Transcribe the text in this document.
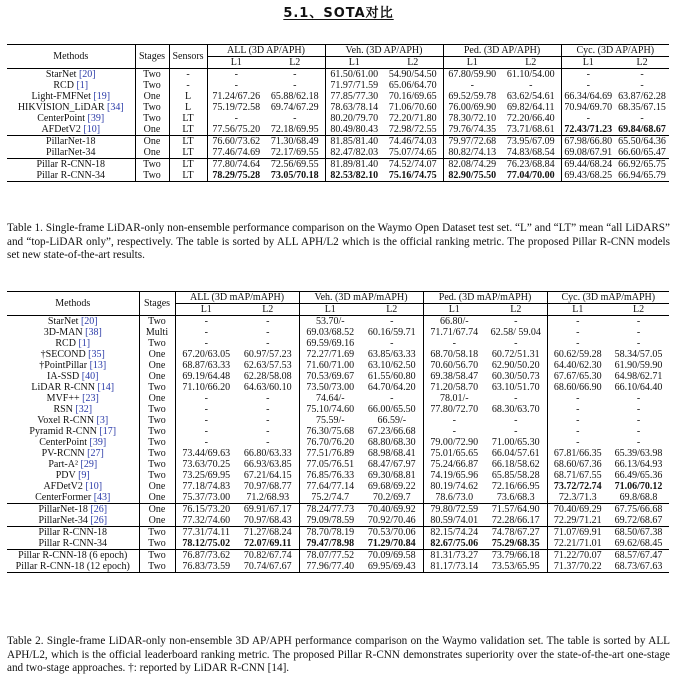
5.1、SOTA对比
Methods	Stages	Sensors	ALL (3D AP/APH)		Veh. (3D AP/APH)		Ped. (3D AP/APH)		Cyc. (3D AP/APH)	
			L1	L2	L1	L2	L1	L2	L1	L2
StarNet [20]	Two	-	-	-	61.50/61.00	54.90/54.50	67.80/59.90	61.10/54.00	-	-
RCD [1]	Two	-	-	-	71.97/71.59	65.06/64.70	-	-	-	-
Light-FMFNet [19]	One	L	71.24/67.26	65.88/62.18	77.85/77.30	70.16/69.65	69.52/59.78	63.62/54.61	66.34/64.69	63.87/62.28
HIKVISION_LiDAR [34]	Two	L	75.19/72.58	69.74/67.29	78.63/78.14	71.06/70.60	76.00/69.90	69.82/64.11	70.94/69.70	68.35/67.15
CenterPoint [39]	Two	LT	-	-	80.20/79.70	72.20/71.80	78.30/72.10	72.20/66.40	-	-
AFDetV2 [10]	One	LT	77.56/75.20	72.18/69.95	80.49/80.43	72.98/72.55	79.76/74.35	73.71/68.61	72.43/71.23	69.84/68.67
PillarNet-18	One	LT	76.60/73.62	71.30/68.49	81.85/81.40	74.46/74.03	79.97/72.68	73.95/67.09	67.98/66.80	65.50/64.36
PillarNet-34	One	LT	77.46/74.69	72.17/69.55	82.47/82.03	75.07/74.65	80.82/74.13	74.83/68.54	69.08/67.91	66.60/65.47
Pillar R-CNN-18	Two	LT	77.80/74.64	72.56/69.55	81.89/81.40	74.52/74.07	82.08/74.29	76.23/68.84	69.44/68.24	66.92/65.75
Pillar R-CNN-34	Two	LT	78.29/75.28	73.05/70.18	82.53/82.10	75.16/74.75	82.90/75.50	77.04/70.00	69.43/68.25	66.94/65.79
Table 1. Single-frame LiDAR-only non-ensemble performance comparison on the Waymo Open Dataset test set. “L” and “LT” mean “all LiDARS” and “top-LiDAR only”, respectively. The table is sorted by ALL APH/L2 which is the official ranking metric. The proposed Pillar R-CNN models set new state-of-the-art results.
Methods	Stages	ALL (3D mAP/mAPH)		Veh. (3D mAP/mAPH)		Ped. (3D mAP/mAPH)		Cyc. (3D mAP/mAPH)	
		L1	L2	L1	L2	L1	L2	L1	L2
StarNet [20]	Two	-	-	53.70/-	-	66.80/-	-	-	-
3D-MAN [38]	Multi	-	-	69.03/68.52	60.16/59.71	71.71/67.74	62.58/ 59.04	-	-
RCD [1]	Two	-	-	69.59/69.16	-	-	-	-	-
†SECOND [35]	One	67.20/63.05	60.97/57.23	72.27/71.69	63.85/63.33	68.70/58.18	60.72/51.31	60.62/59.28	58.34/57.05
†PointPillar [13]	One	68.87/63.33	62.63/57.53	71.60/71.00	63.10/62.50	70.60/56.70	62.90/50.20	64.40/62.30	61.90/59.90
IA-SSD [40]	One	69.19/64.48	62.28/58.08	70.53/69.67	61.55/60.80	69.38/58.47	60.30/50.73	67.67/65.30	64.98/62.71
LiDAR R-CNN [14]	Two	71.10/66.20	64.63/60.10	73.50/73.00	64.70/64.20	71.20/58.70	63.10/51.70	68.60/66.90	66.10/64.40
MVF++ [23]	One	-	-	74.64/-	-	78.01/-	-	-	-
RSN [32]	Two	-	-	75.10/74.60	66.00/65.50	77.80/72.70	68.30/63.70	-	-
Voxel R-CNN [3]	Two	-	-	75.59/-	66.59/-	-	-	-	-
Pyramid R-CNN [17]	Two	-	-	76.30/75.68	67.23/66.68	-	-	-	-
CenterPoint [39]	Two	-	-	76.70/76.20	68.80/68.30	79.00/72.90	71.00/65.30	-	-
PV-RCNN [27]	Two	73.44/69.63	66.80/63.33	77.51/76.89	68.98/68.41	75.01/65.65	66.04/57.61	67.81/66.35	65.39/63.98
Part-A² [29]	Two	73.63/70.25	66.93/63.85	77.05/76.51	68.47/67.97	75.24/66.87	66.18/58.62	68.60/67.36	66.13/64.93
PDV [9]	Two	73.25/69.95	67.21/64.15	76.85/76.33	69.30/68.81	74.19/65.96	65.85/58.28	68.71/67.55	66.49/65.36
AFDetV2 [10]	One	77.18/74.83	70.97/68.77	77.64/77.14	69.68/69.22	80.19/74.62	72.16/66.95	73.72/72.74	71.06/70.12
CenterFormer [43]	One	75.37/73.00	71.2/68.93	75.2/74.7	70.2/69.7	78.6/73.0	73.6/68.3	72.3/71.3	69.8/68.8
PillarNet-18 [26]	One	76.15/73.20	69.91/67.17	78.24/77.73	70.40/69.92	79.80/72.59	71.57/64.90	70.40/69.29	67.75/66.68
PillarNet-34 [26]	One	77.32/74.60	70.97/68.43	79.09/78.59	70.92/70.46	80.59/74.01	72.28/66.17	72.29/71.21	69.72/68.67
Pillar R-CNN-18	Two	77.31/74.11	71.27/68.24	78.70/78.19	70.53/70.06	82.15/74.24	74.78/67.27	71.07/69.91	68.50/67.38
Pillar R-CNN-34	Two	78.12/75.02	72.07/69.11	79.47/78.98	71.29/70.84	82.67/75.06	75.29/68.35	72.21/71.01	69.62/68.45
Pillar R-CNN-18 (6 epoch)	Two	76.87/73.62	70.82/67.74	78.07/77.52	70.09/69.58	81.31/73.27	73.79/66.18	71.22/70.07	68.57/67.47
Pillar R-CNN-18 (12 epoch)	Two	76.83/73.59	70.74/67.67	77.96/77.40	69.95/69.43	81.17/73.14	73.53/65.95	71.37/70.22	68.73/67.63
Table 2. Single-frame LiDAR-only non-ensemble 3D AP/APH performance comparison on the Waymo validation set. The table is sorted by ALL APH/L2, which is the official leaderboard ranking metric. The proposed Pillar R-CNN demonstrates superiority over the state-of-the-art one-stage and two-stage approaches. †: reported by LiDAR R-CNN [14].
